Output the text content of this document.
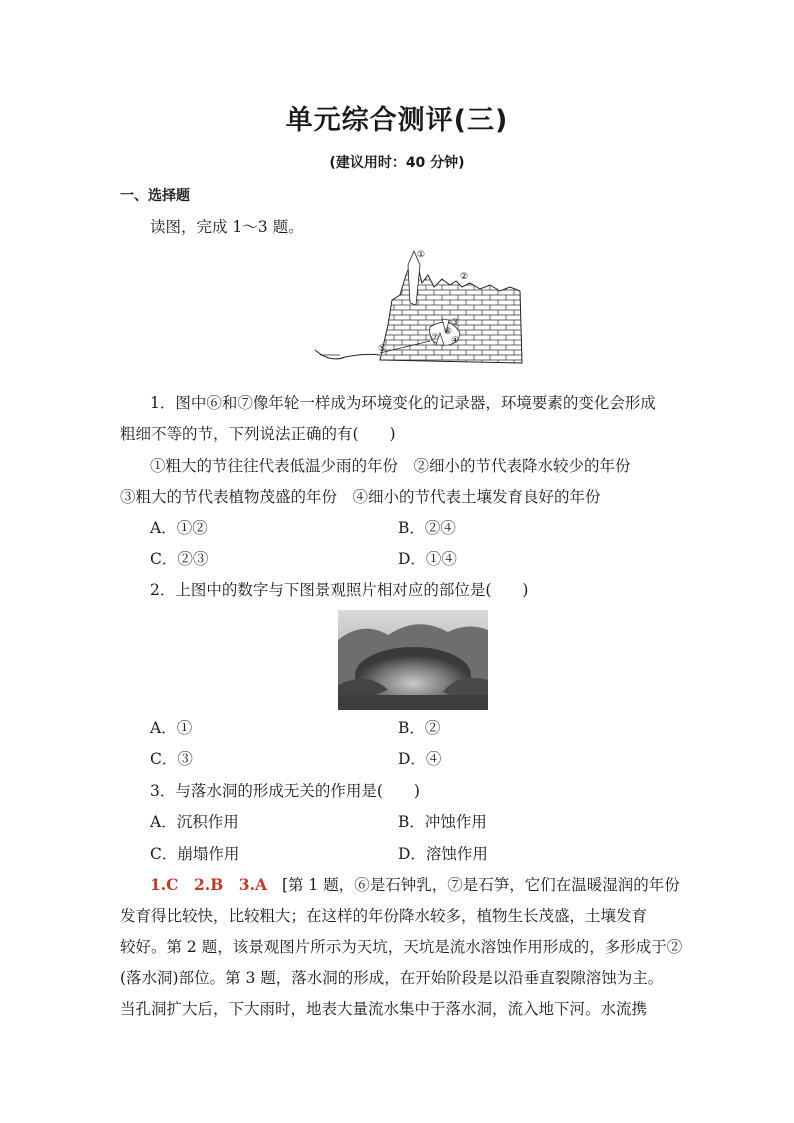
单元综合测评(三)
(建议用时：40 分钟)
一、选择题
读图，完成 1～3 题。
①
②
③
④
⑤
⑥
⑦
1．图中⑥和⑦像年轮一样成为环境变化的记录器，环境要素的变化会形成
粗细不等的节，下列说法正确的有(　　)
①粗大的节往往代表低温少雨的年份　②细小的节代表降水较少的年份
③粗大的节代表植物茂盛的年份　④细小的节代表土壤发育良好的年份
A．①②	B．②④
C．②③	D．①④
2．上图中的数字与下图景观照片相对应的部位是(　　)
A．①	B．②
C．③	D．④
3．与落水洞的形成无关的作用是(　　)
A．沉积作用	B．冲蚀作用
C．崩塌作用	D．溶蚀作用
1.C　2.B　3.A [第 1 题，⑥是石钟乳，⑦是石笋，它们在温暖湿润的年份
发育得比较快，比较粗大；在这样的年份降水较多，植物生长茂盛，土壤发育
较好。第 2 题，该景观图片所示为天坑，天坑是流水溶蚀作用形成的，多形成于②
(落水洞)部位。第 3 题，落水洞的形成，在开始阶段是以沿垂直裂隙溶蚀为主。
当孔洞扩大后，下大雨时，地表大量流水集中于落水洞，流入地下河。水流携
